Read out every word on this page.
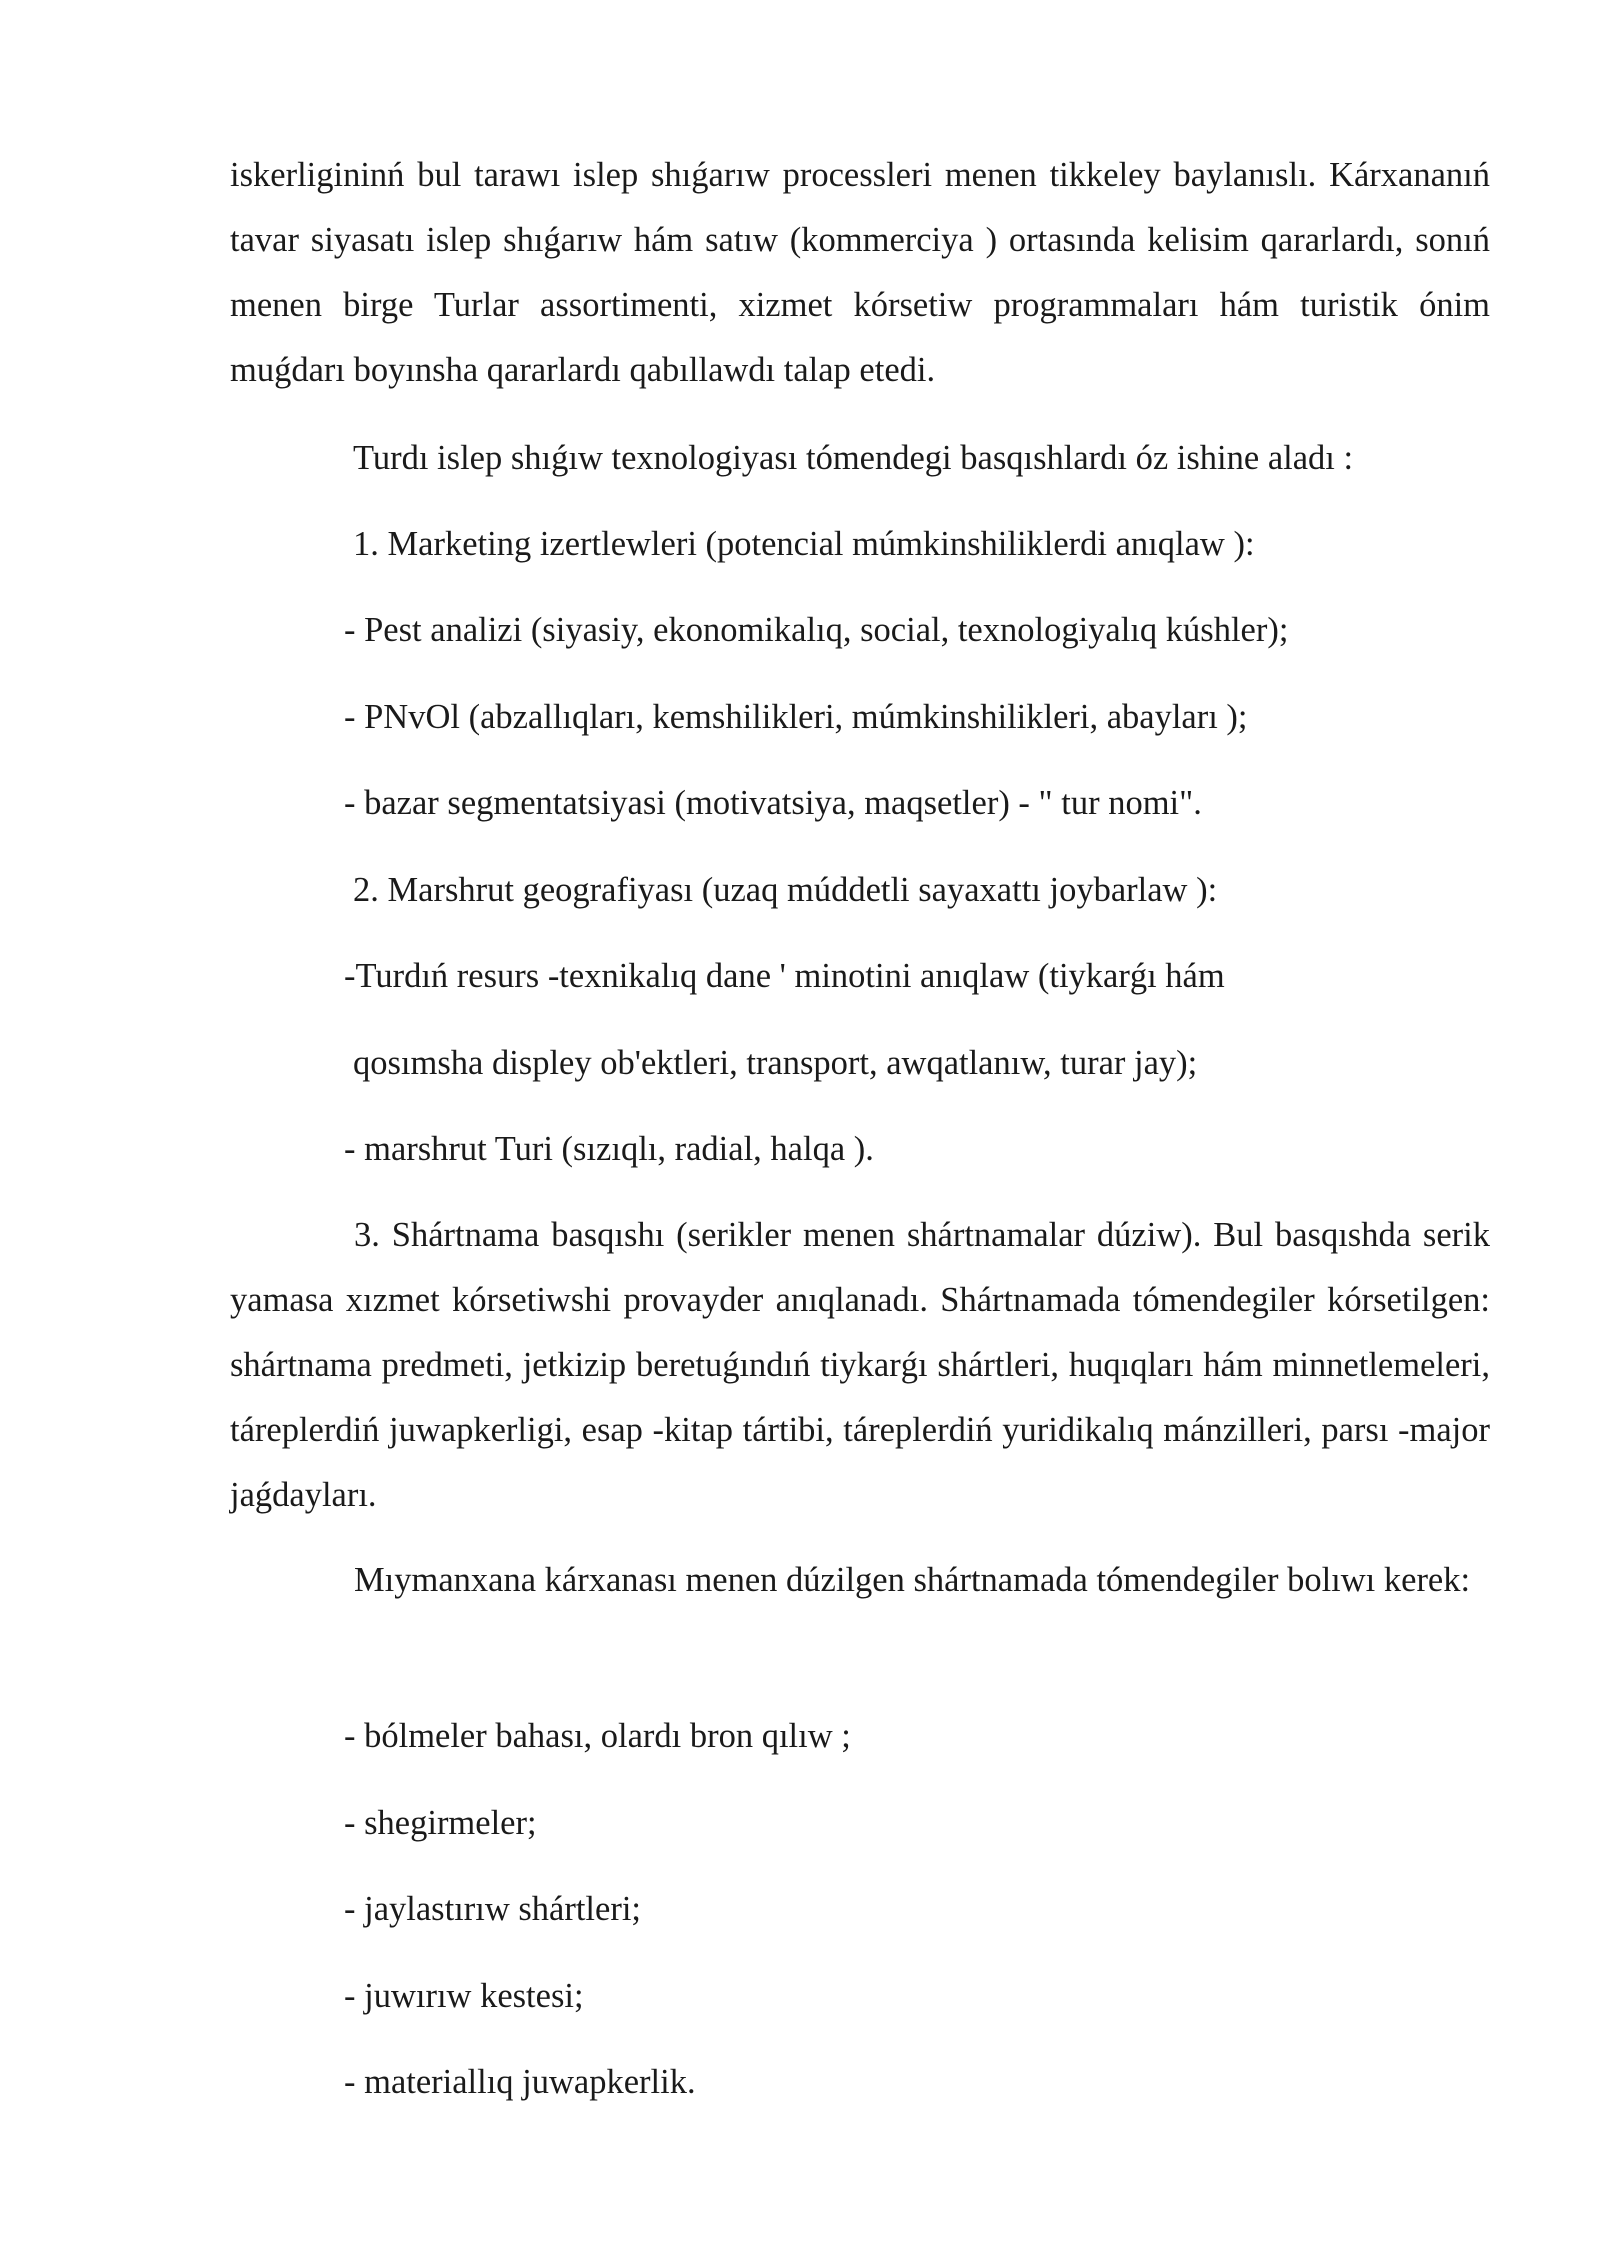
iskerligininń bul tarawı islep shıǵarıw processleri menen tikkeley baylanıslı. Kárxananıń tavar siyasatı islep shıǵarıw hám satıw (kommerciya ) ortasında kelisim qararlardı, sonıń menen birge Turlar assortimenti, xizmet kórsetiw programmaları hám turistik ónim muǵdarı boyınsha qararlardı qabıllawdı talap etedi.

Turdı islep shıǵıw texnologiyası tómendegi basqıshlardı óz ishine aladı :

1. Marketing izertlewleri (potencial múmkinshiliklerdi anıqlaw ):

- Pest analizi (siyasiy, ekonomikalıq, social, texnologiyalıq kúshler);

- PNvOl (abzallıqları, kemshilikleri, múmkinshilikleri, abayları );

- bazar segmentatsiyasi (motivatsiya, maqsetler) - " tur nomi".

2. Marshrut geografiyası (uzaq múddetli sayaxattı joybarlaw ):

-Turdıń resurs -texnikalıq dane ' minotini anıqlaw (tiykarǵı hám

qosımsha displey ob'ektleri, transport, awqatlanıw, turar jay);

- marshrut Turi (sızıqlı, radial, halqa ).

3. Shártnama basqıshı (serikler menen shártnamalar dúziw). Bul basqıshda serik yamasa xızmet kórsetiwshi provayder anıqlanadı. Shártnamada tómendegiler kórsetilgen: shártnama predmeti, jetkizip beretuǵındıń tiykarǵı shártleri, huqıqları hám minnetlemeleri, táreplerdiń juwapkerligi, esap -kitap tártibi, táreplerdiń yuridikalıq mánzilleri, parsı -major jaǵdayları.

Mıymanxana kárxanası menen dúzilgen shártnamada tómendegiler bolıwı kerek:

- bólmeler bahası, olardı bron qılıw ;

- shegirmeler;

- jaylastırıw shártleri;

- juwırıw kestesi;

- materiallıq juwapkerlik.
